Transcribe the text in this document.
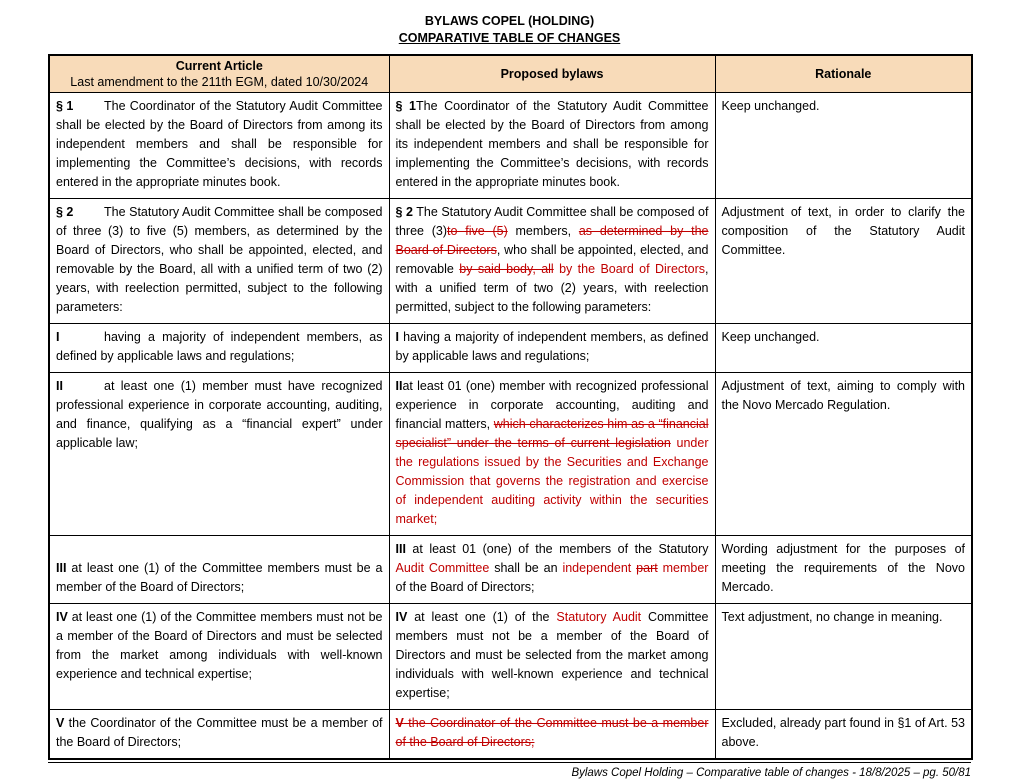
BYLAWS COPEL (HOLDING)
COMPARATIVE TABLE OF CHANGES
Current Article
Last amendment to the 211th EGM, dated 10/30/2024	Proposed bylaws	Rationale
§ 1 The Coordinator of the Statutory Audit Committee shall be elected by the Board of Directors from among its independent members and shall be responsible for implementing the Committee’s decisions, with records entered in the appropriate minutes book.	§ 1The Coordinator of the Statutory Audit Committee shall be elected by the Board of Directors from among its independent members and shall be responsible for implementing the Committee’s decisions, with records entered in the appropriate minutes book.	Keep unchanged.
§ 2 The Statutory Audit Committee shall be composed of three (3) to five (5) members, as determined by the Board of Directors, who shall be appointed, elected, and removable by the Board, all with a unified term of two (2) years, with reelection permitted, subject to the following parameters:	§ 2 The Statutory Audit Committee shall be composed of three (3)to five (5) members, as determined by the Board of Directors, who shall be appointed, elected, and removable by said body, all by the Board of Directors, with a unified term of two (2) years, with reelection permitted, subject to the following parameters:	Adjustment of text, in order to clarify the composition of the Statutory Audit Committee.
I having a majority of independent members, as defined by applicable laws and regulations;	I having a majority of independent members, as defined by applicable laws and regulations;	Keep unchanged.
II at least one (1) member must have recognized professional experience in corporate accounting, auditing, and finance, qualifying as a “financial expert” under applicable law;	IIat least 01 (one) member with recognized professional experience in corporate accounting, auditing and financial matters, which characterizes him as a “financial specialist” under the terms of current legislation under the regulations issued by the Securities and Exchange Commission that governs the registration and exercise of independent auditing activity within the securities market;	Adjustment of text, aiming to comply with the Novo Mercado Regulation.

III at least one (1) of the Committee members must be a member of the Board of Directors;	III at least 01 (one) of the members of the Statutory Audit Committee shall be an independent part member of the Board of Directors;	Wording adjustment for the purposes of meeting the requirements of the Novo Mercado.
IV at least one (1) of the Committee members must not be a member of the Board of Directors and must be selected from the market among individuals with well-known experience and technical expertise;	IV at least one (1) of the Statutory Audit Committee members must not be a member of the Board of Directors and must be selected from the market among individuals with well-known experience and technical expertise;	Text adjustment, no change in meaning.
V the Coordinator of the Committee must be a member of the Board of Directors;	V the Coordinator of the Committee must be a member of the Board of Directors;	Excluded, already part found in §1 of Art. 53 above.
Bylaws Copel Holding – Comparative table of changes - 18/8/2025 – pg. 50/81
